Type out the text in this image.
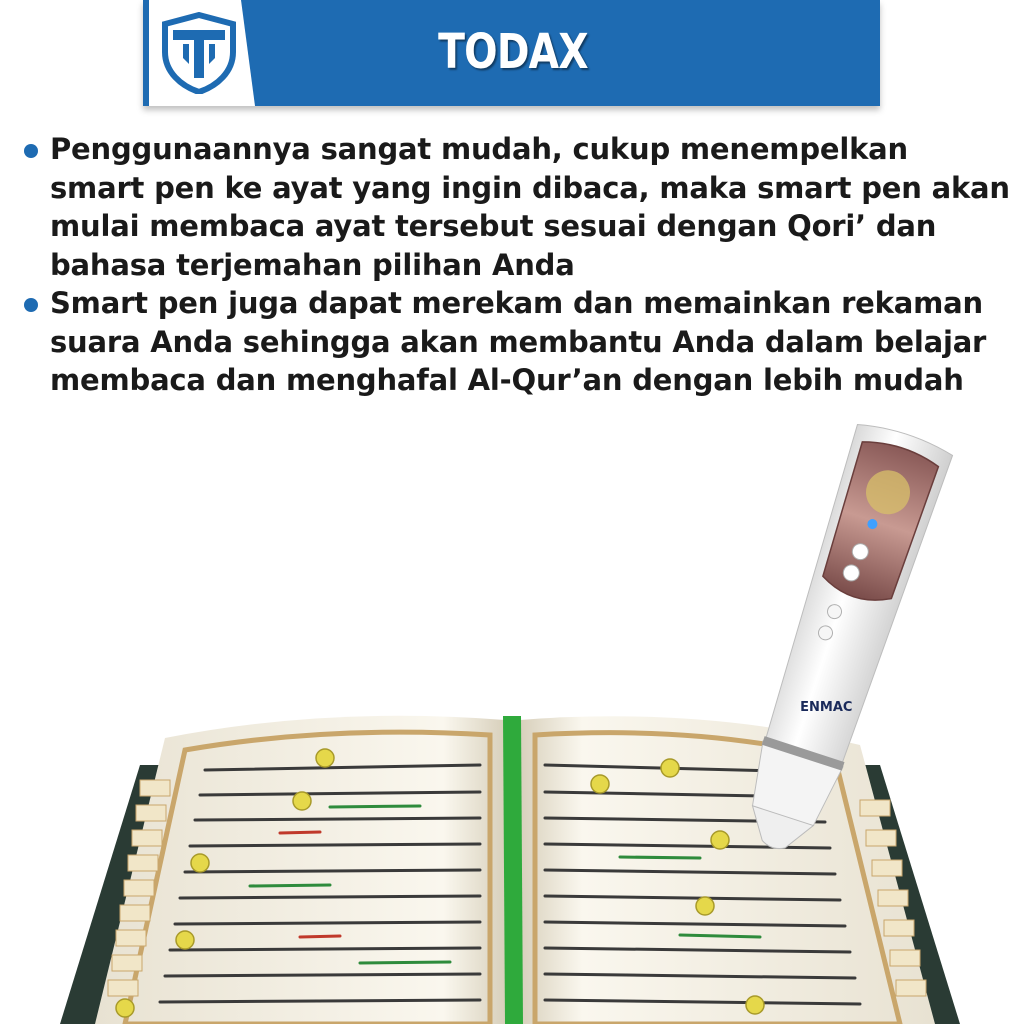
TODAX
Penggunaannya sangat mudah, cukup menempelkan smart pen ke ayat yang ingin dibaca, maka smart pen akan mulai membaca ayat tersebut sesuai dengan Qori’ dan bahasa terjemahan pilihan Anda
Smart pen juga dapat merekam dan memainkan rekaman suara Anda sehingga akan membantu Anda dalam belajar membaca dan menghafal Al-Qur’an dengan lebih mudah
ENMAC
